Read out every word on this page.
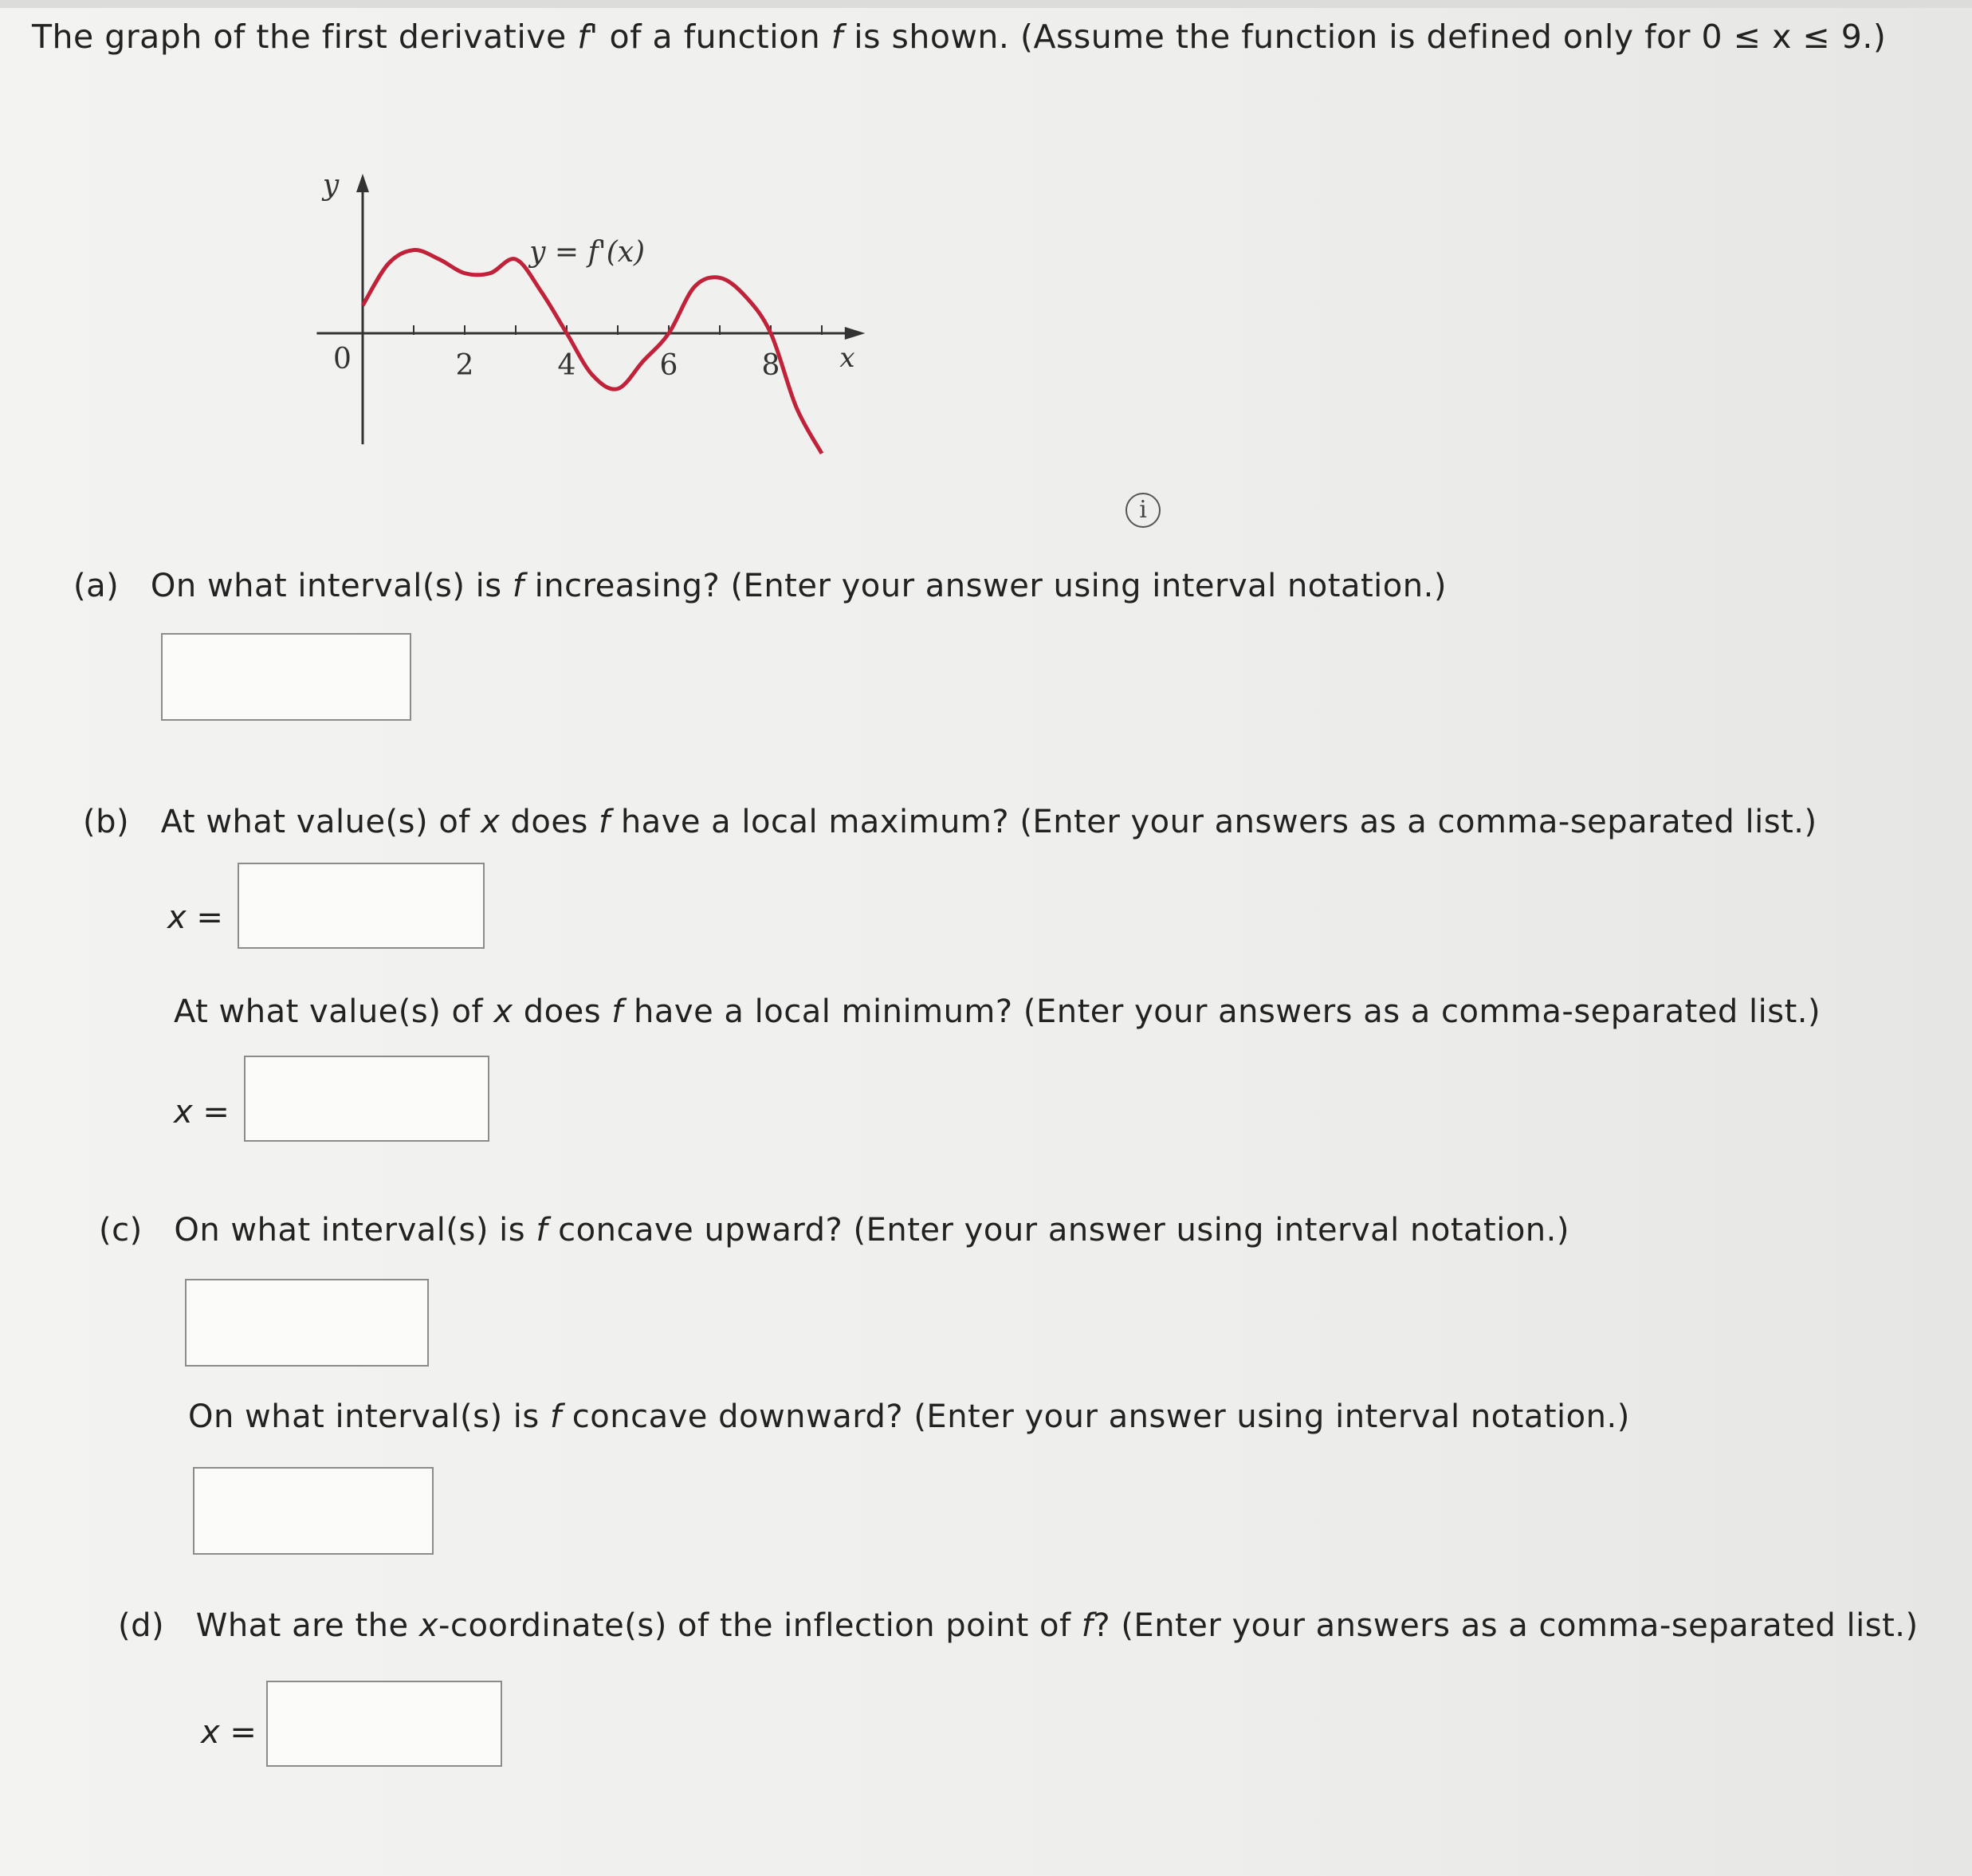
The graph of the first derivative f' of a function f is shown. (Assume the function is defined only for 0 ≤ x ≤ 9.)
0	2	4	6	8
y
x
y = f'(x)
i
(a) On what interval(s) is f increasing? (Enter your answer using interval notation.)
(b) At what value(s) of x does f have a local maximum? (Enter your answers as a comma-separated list.)
x =
At what value(s) of x does f have a local minimum? (Enter your answers as a comma-separated list.)
x =
(c) On what interval(s) is f concave upward? (Enter your answer using interval notation.)
On what interval(s) is f concave downward? (Enter your answer using interval notation.)
(d) What are the x-coordinate(s) of the inflection point of f? (Enter your answers as a comma-separated list.)
x =
